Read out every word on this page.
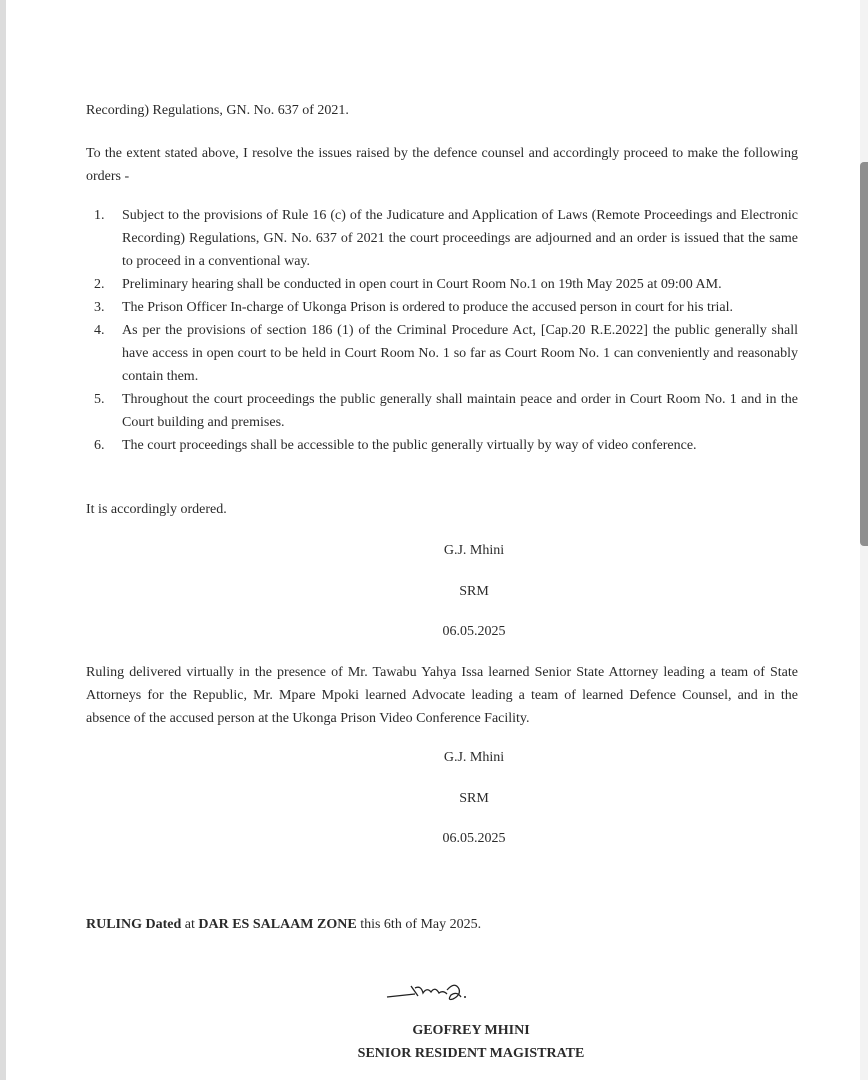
Recording) Regulations, GN. No. 637 of 2021.

To the extent stated above, I resolve the issues raised by the defence counsel and accordingly proceed to make the following orders -

1. Subject to the provisions of Rule 16 (c) of the Judicature and Application of Laws (Remote Proceedings and Electronic Recording) Regulations, GN. No. 637 of 2021 the court proceedings are adjourned and an order is issued that the same to proceed in a conventional way.
2. Preliminary hearing shall be conducted in open court in Court Room No.1 on 19th May 2025 at 09:00 AM.
3. The Prison Officer In-charge of Ukonga Prison is ordered to produce the accused person in court for his trial.
4. As per the provisions of section 186 (1) of the Criminal Procedure Act, [Cap.20 R.E.2022] the public generally shall have access in open court to be held in Court Room No. 1 so far as Court Room No. 1 can conveniently and reasonably contain them.
5. Throughout the court proceedings the public generally shall maintain peace and order in Court Room No. 1 and in the Court building and premises.
6. The court proceedings shall be accessible to the public generally virtually by way of video conference.

It is accordingly ordered.

G.J. Mhini

SRM

06.05.2025

Ruling delivered virtually in the presence of Mr. Tawabu Yahya Issa learned Senior State Attorney leading a team of State Attorneys for the Republic, Mr. Mpare Mpoki learned Advocate leading a team of learned Defence Counsel, and in the absence of the accused person at the Ukonga Prison Video Conference Facility.

G.J. Mhini

SRM

06.05.2025

RULING Dated at DAR ES SALAAM ZONE this 6th of May 2025.

GEOFREY MHINI

SENIOR RESIDENT MAGISTRATE
